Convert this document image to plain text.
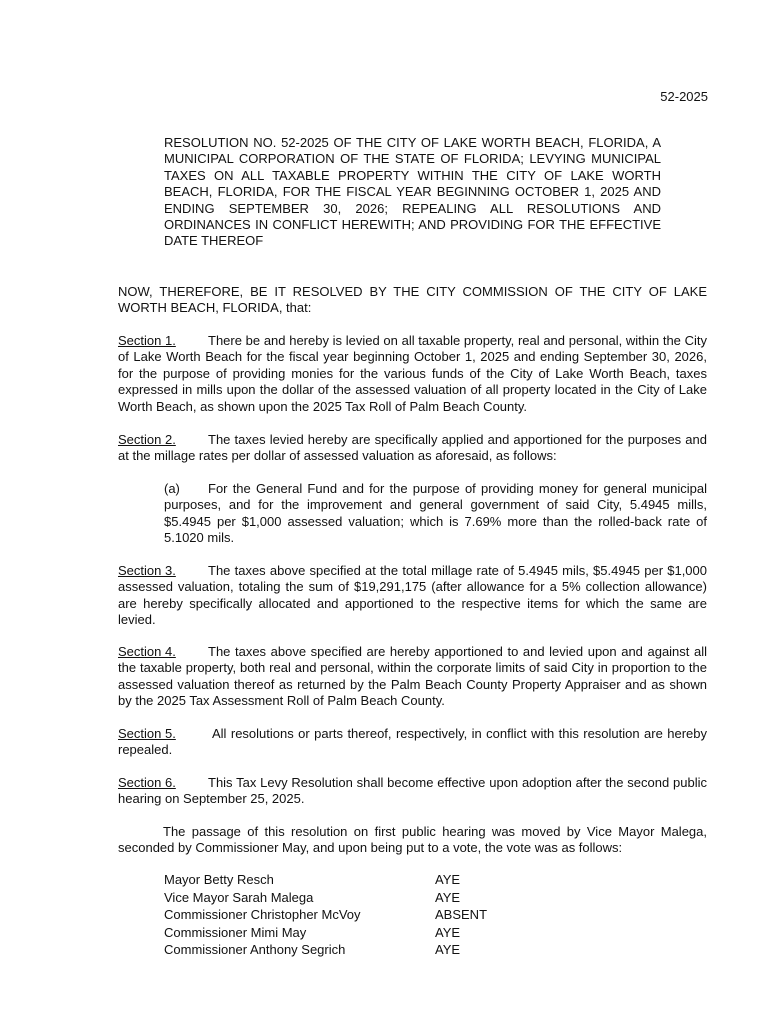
52-2025
RESOLUTION NO. 52-2025 OF THE CITY OF LAKE WORTH BEACH, FLORIDA, A MUNICIPAL CORPORATION OF THE STATE OF FLORIDA; LEVYING MUNICIPAL TAXES ON ALL TAXABLE PROPERTY WITHIN THE CITY OF LAKE WORTH BEACH, FLORIDA, FOR THE FISCAL YEAR BEGINNING OCTOBER 1, 2025 AND ENDING SEPTEMBER 30, 2026; REPEALING ALL RESOLUTIONS AND ORDINANCES IN CONFLICT HEREWITH; AND PROVIDING FOR THE EFFECTIVE DATE THEREOF
NOW, THEREFORE, BE IT RESOLVED BY THE CITY COMMISSION OF THE CITY OF LAKE WORTH BEACH, FLORIDA, that:
Section 1. There be and hereby is levied on all taxable property, real and personal, within the City of Lake Worth Beach for the fiscal year beginning October 1, 2025 and ending September 30, 2026, for the purpose of providing monies for the various funds of the City of Lake Worth Beach, taxes expressed in mills upon the dollar of the assessed valuation of all property located in the City of Lake Worth Beach, as shown upon the 2025 Tax Roll of Palm Beach County.
Section 2. The taxes levied hereby are specifically applied and apportioned for the purposes and at the millage rates per dollar of assessed valuation as aforesaid, as follows:
(a) For the General Fund and for the purpose of providing money for general municipal purposes, and for the improvement and general government of said City, 5.4945 mills, $5.4945 per $1,000 assessed valuation; which is 7.69% more than the rolled-back rate of 5.1020 mils.
Section 3. The taxes above specified at the total millage rate of 5.4945 mils, $5.4945 per $1,000 assessed valuation, totaling the sum of $19,291,175 (after allowance for a 5% collection allowance) are hereby specifically allocated and apportioned to the respective items for which the same are levied.
Section 4. The taxes above specified are hereby apportioned to and levied upon and against all the taxable property, both real and personal, within the corporate limits of said City in proportion to the assessed valuation thereof as returned by the Palm Beach County Property Appraiser and as shown by the 2025 Tax Assessment Roll of Palm Beach County.
Section 5.	All resolutions or parts thereof, respectively, in conflict with this resolution are hereby repealed.
Section 6. This Tax Levy Resolution shall become effective upon adoption after the second public hearing on September 25, 2025.
The passage of this resolution on first public hearing was moved by Vice Mayor Malega, seconded by Commissioner May, and upon being put to a vote, the vote was as follows:
Mayor Betty Resch	AYE
Vice Mayor Sarah Malega	AYE
Commissioner Christopher McVoy	ABSENT
Commissioner Mimi May	AYE
Commissioner Anthony Segrich	AYE
